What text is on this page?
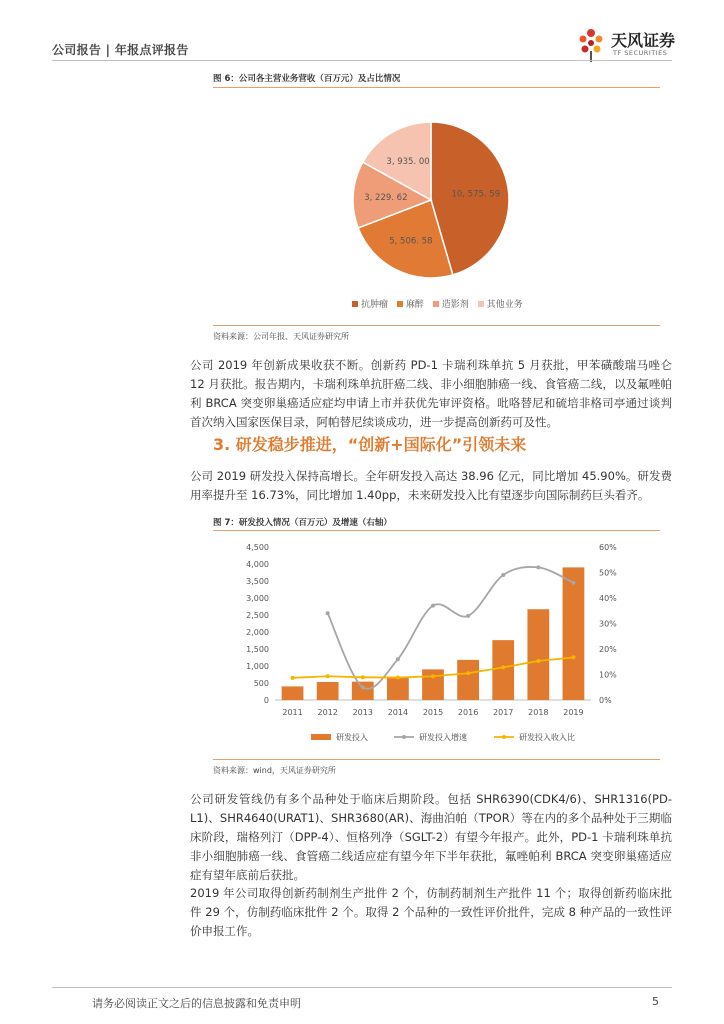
公司报告 | 年报点评报告	天风证券
TF SECURITIES
图 6：公司各主营业务营收（百万元）及占比情况
10, 575. 59
5, 506. 58
3, 229. 62
3, 935. 00
抗肿瘤
麻醉
造影剂
其他业务
资料来源：公司年报、天风证券研究所

公司 2019 年创新成果收获不断。创新药 PD-1 卡瑞利珠单抗 5 月获批，甲苯磺酸瑞马唑仑 12 月获批。报告期内，卡瑞利珠单抗肝癌二线、非小细胞肺癌一线、食管癌二线，以及氟唑帕利 BRCA 突变卵巢癌适应症均申请上市并获优先审评资格。吡咯替尼和硫培非格司亭通过谈判首次纳入国家医保目录，阿帕替尼续谈成功，进一步提高创新药可及性。

3. 研发稳步推进，“创新+国际化”引领未来

公司 2019 研发投入保持高增长。全年研发投入高达 38.96 亿元，同比增加 45.90%。研发费用率提升至 16.73%，同比增加 1.40pp，未来研发投入比有望逐步向国际制药巨头看齐。

图 7：研发投入情况（百万元）及增速（右轴）
0
500
1,000
1,500
2,000
2,500
3,000
3,500
4,000
4,500
0%
10%
20%
30%
40%
50%
60%
2011 2012 2013 2014 2015 2016 2017 2018 2019
研发投入	研发投入增速	研发投入收入比
资料来源：wind，天风证券研究所

公司研发管线仍有多个品种处于临床后期阶段。包括 SHR6390(CDK4/6)、SHR1316(PD-L1)、SHR4640(URAT1)、SHR3680(AR)、海曲泊帕（TPOR）等在内的多个品种处于三期临床阶段，瑞格列汀（DPP-4）、恒格列净（SGLT-2）有望今年报产。此外，PD-1 卡瑞利珠单抗非小细胞肺癌一线、食管癌二线适应症有望今年下半年获批，氟唑帕利 BRCA 突变卵巢癌适应症有望年底前后获批。

2019 年公司取得创新药制剂生产批件 2 个，仿制药制剂生产批件 11 个；取得创新药临床批件 29 个，仿制药临床批件 2 个。取得 2 个品种的一致性评价批件，完成 8 种产品的一致性评价申报工作。

请务必阅读正文之后的信息披露和免责申明	5
